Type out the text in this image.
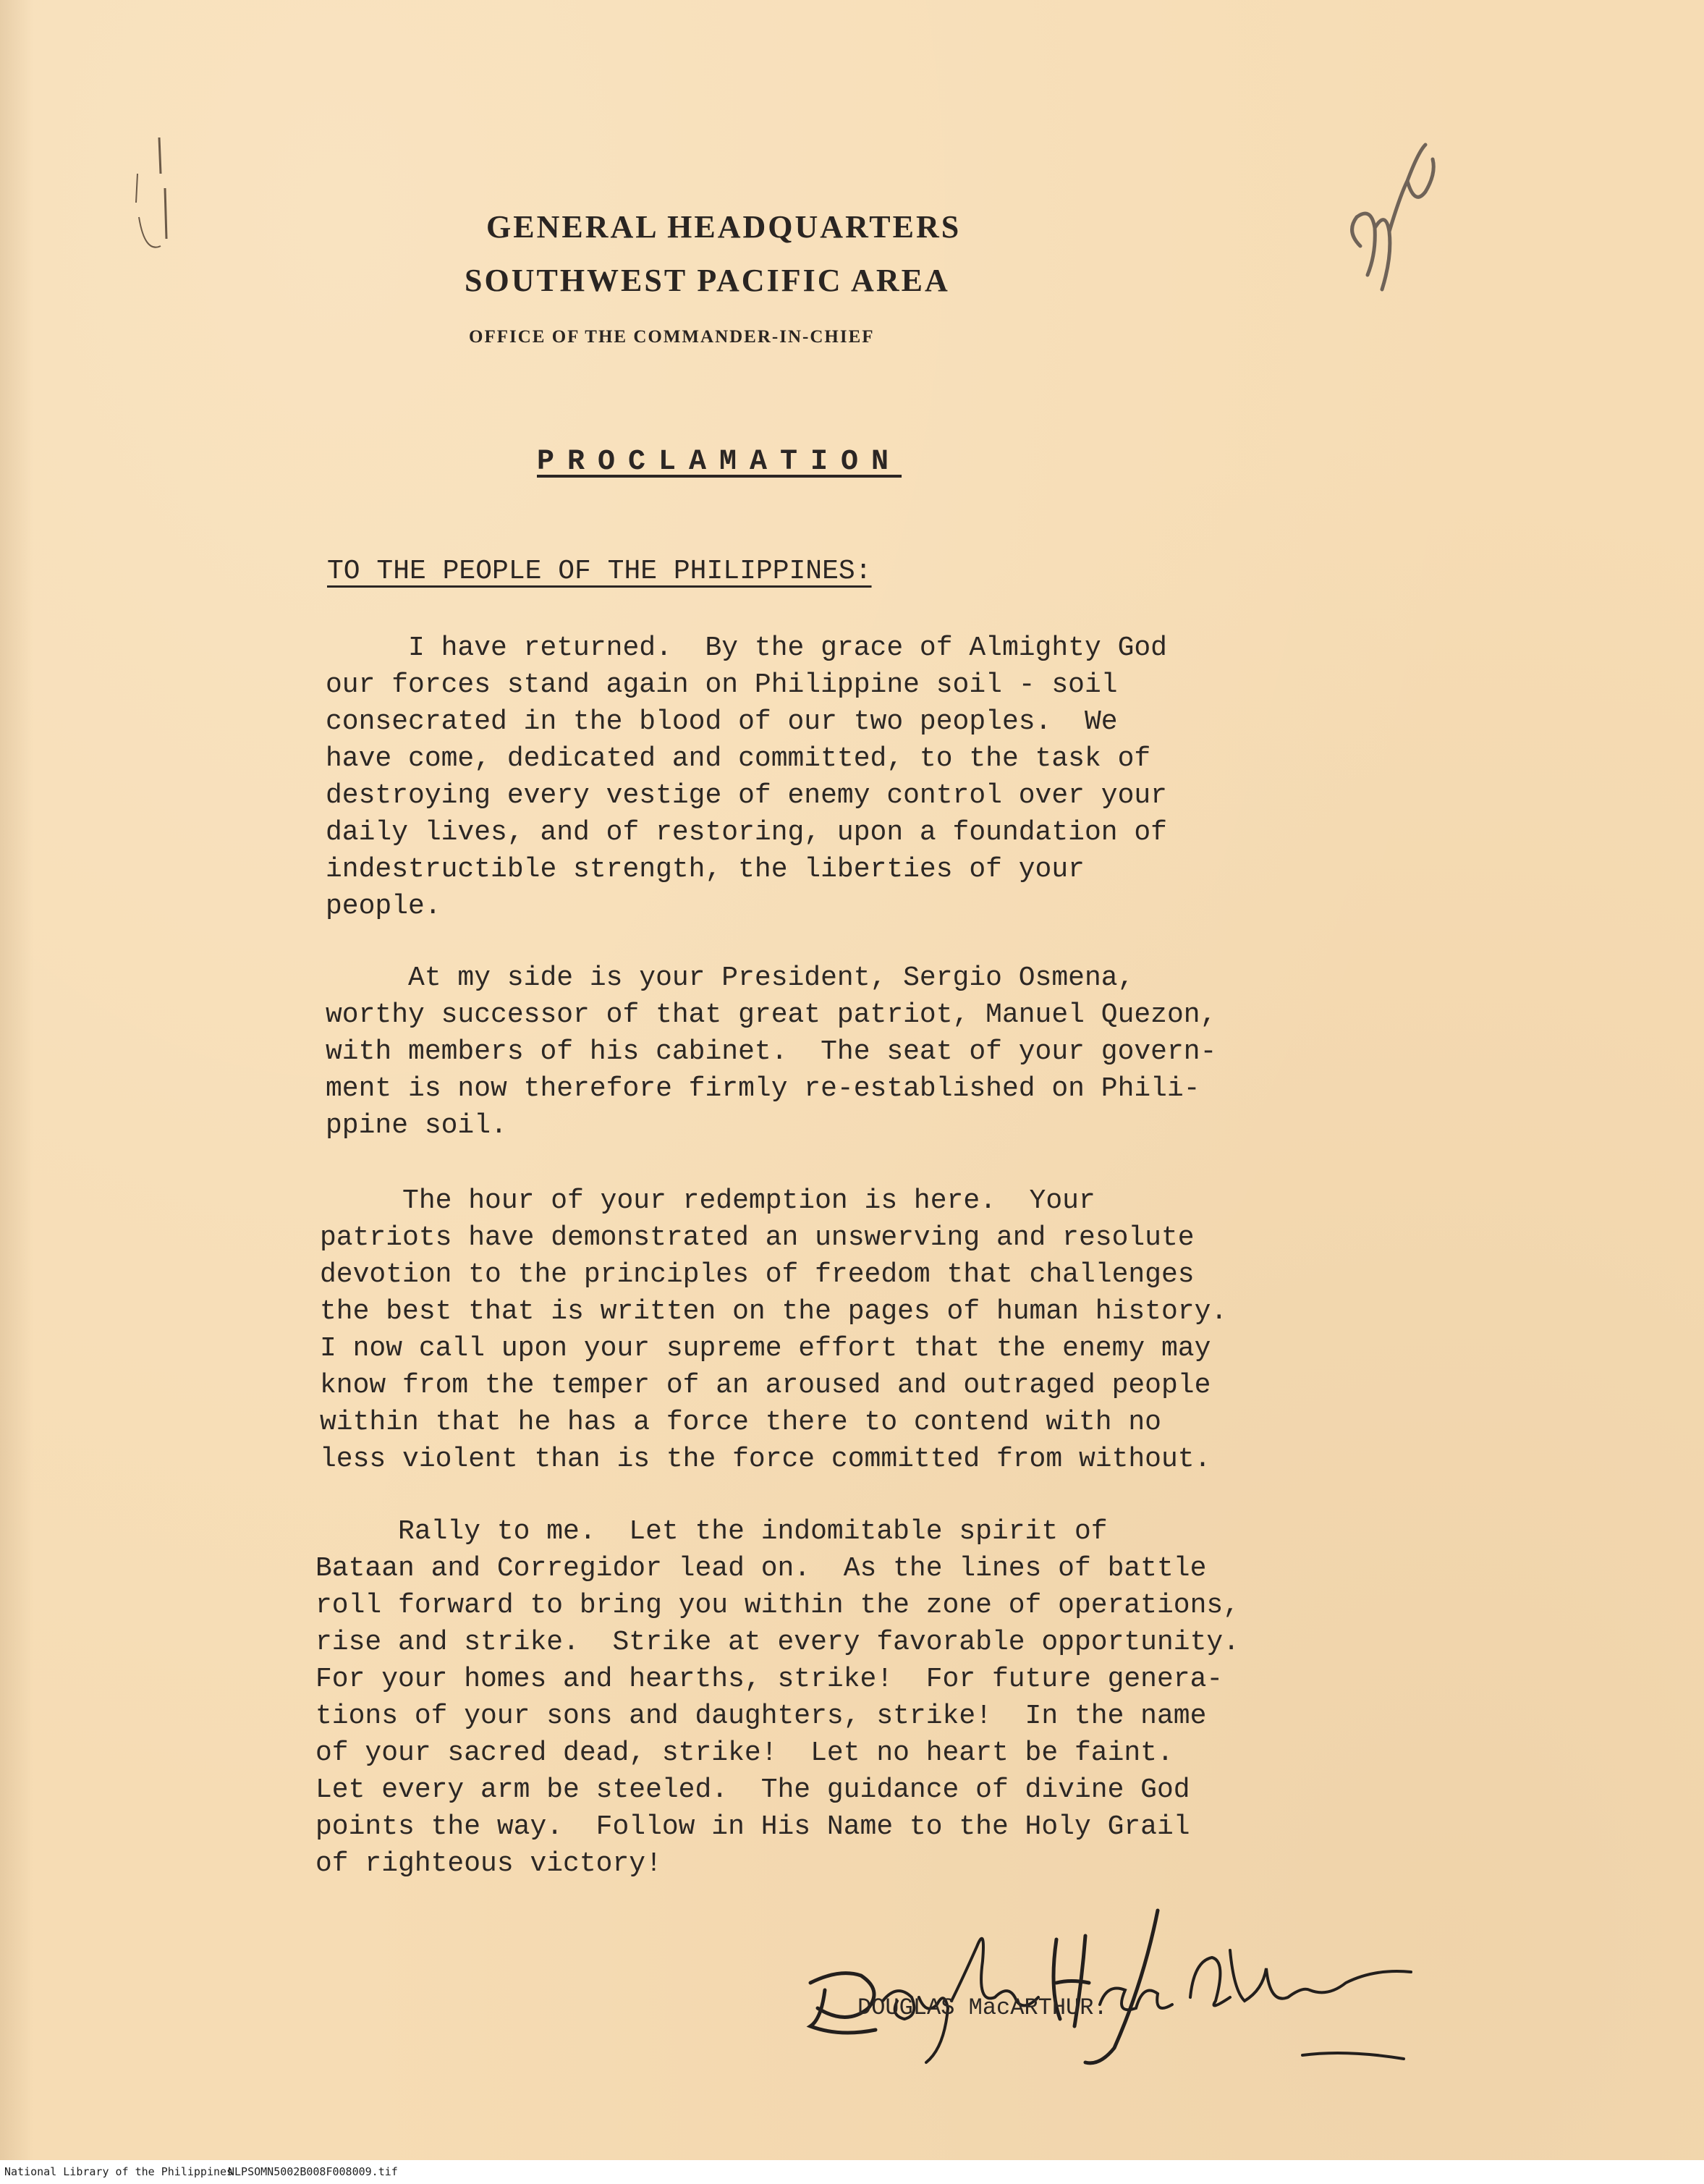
GENERAL HEADQUARTERS
SOUTHWEST PACIFIC AREA
OFFICE OF THE COMMANDER-IN-CHIEF
PROCLAMATION
TO THE PEOPLE OF THE PHILIPPINES:
I have returned.  By the grace of Almighty God
our forces stand again on Philippine soil - soil
consecrated in the blood of our two peoples.  We
have come, dedicated and committed, to the task of
destroying every vestige of enemy control over your
daily lives, and of restoring, upon a foundation of
indestructible strength, the liberties of your
people.
At my side is your President, Sergio Osmena,
worthy successor of that great patriot, Manuel Quezon,
with members of his cabinet.  The seat of your govern-
ment is now therefore firmly re-established on Phili-
ppine soil.
The hour of your redemption is here.  Your
patriots have demonstrated an unswerving and resolute
devotion to the principles of freedom that challenges
the best that is written on the pages of human history.
I now call upon your supreme effort that the enemy may
know from the temper of an aroused and outraged people
within that he has a force there to contend with no
less violent than is the force committed from without.
Rally to me.  Let the indomitable spirit of
Bataan and Corregidor lead on.  As the lines of battle
roll forward to bring you within the zone of operations,
rise and strike.  Strike at every favorable opportunity.
For your homes and hearths, strike!  For future genera-
tions of your sons and daughters, strike!  In the name
of your sacred dead, strike!  Let no heart be faint.
Let every arm be steeled.  The guidance of divine God
points the way.  Follow in His Name to the Holy Grail
of righteous victory!
DOUGLAS MacARTHUR.
National Library of the Philippines
NLPSOMN5002B008F008009.tif
